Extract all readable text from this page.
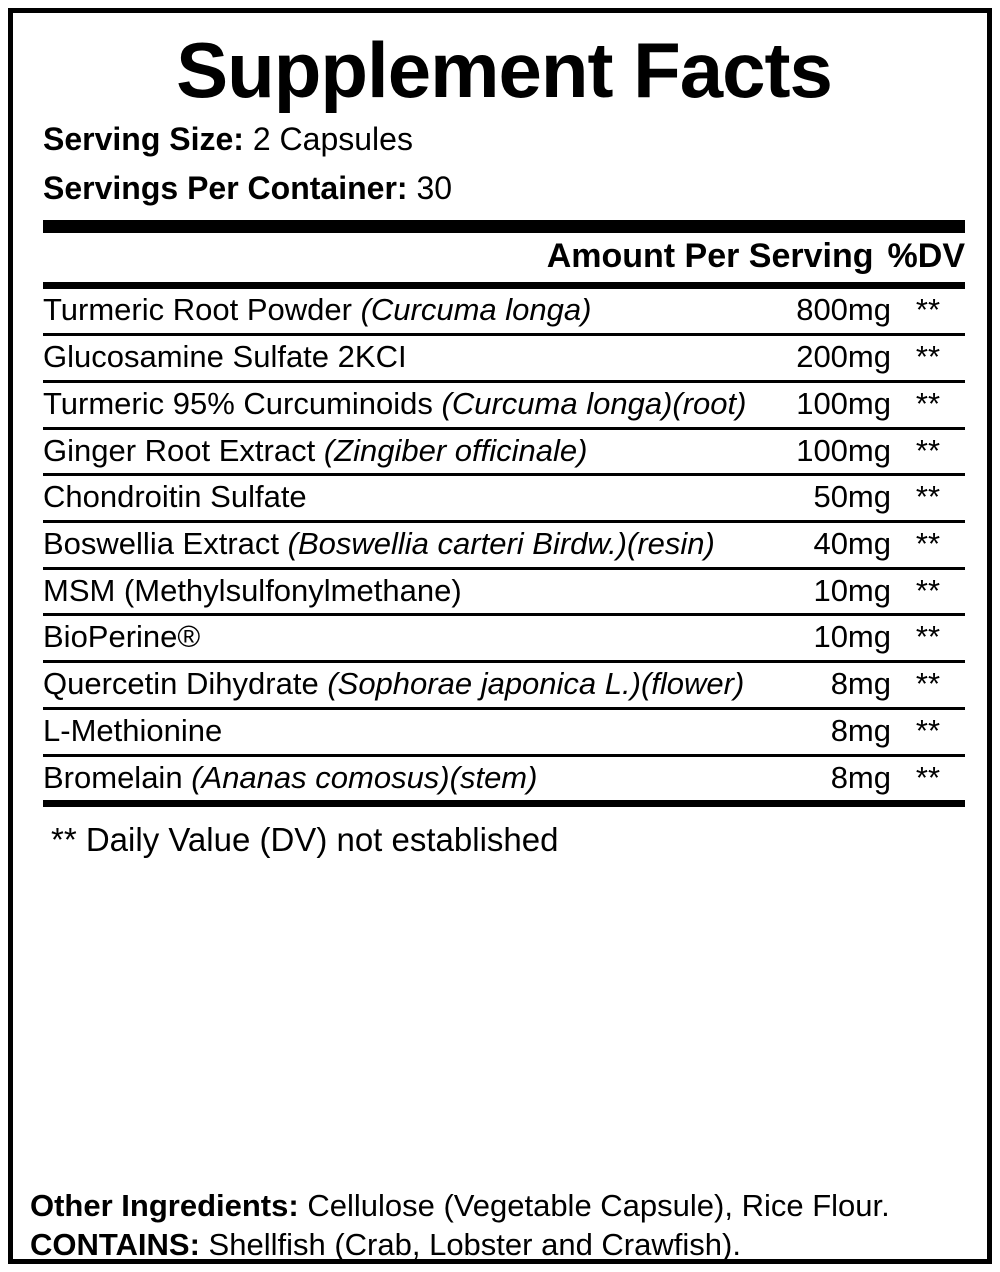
Supplement Facts
Serving Size: 2 Capsules
Servings Per Container: 30
Amount Per Serving %DV
Turmeric Root Powder (Curcuma longa)	800mg	**
Glucosamine Sulfate 2KCI	200mg	**
Turmeric 95% Curcuminoids (Curcuma longa)(root)	100mg	**
Ginger Root Extract (Zingiber officinale)	100mg	**
Chondroitin Sulfate	50mg	**
Boswellia Extract (Boswellia carteri Birdw.)(resin)	40mg	**
MSM (Methylsulfonylmethane)	10mg	**
BioPerine®	10mg	**
Quercetin Dihydrate (Sophorae japonica L.)(flower)	8mg	**
L-Methionine	8mg	**
Bromelain (Ananas comosus)(stem)	8mg	**
** Daily Value (DV) not established

Other Ingredients: Cellulose (Vegetable Capsule), Rice Flour.

CONTAINS: Shellfish (Crab, Lobster and Crawfish).
